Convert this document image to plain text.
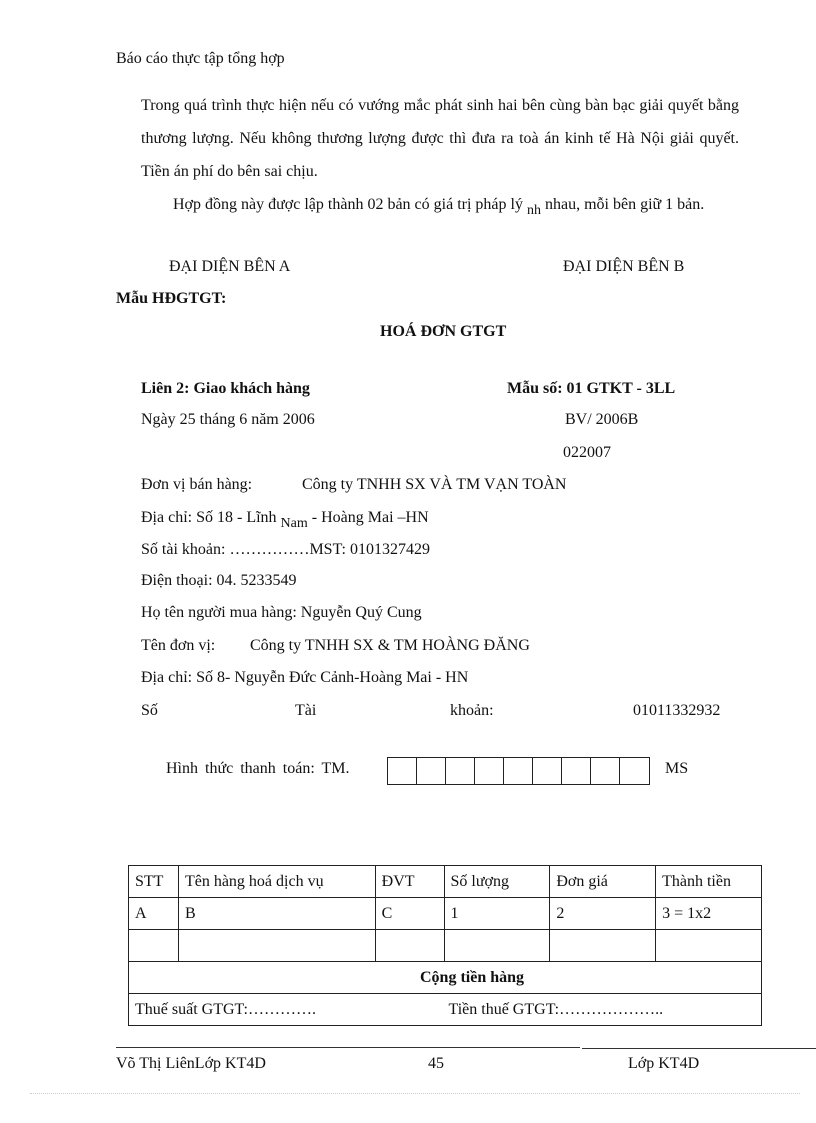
Báo cáo thực tập tổng hợp

Trong quá trình thực hiện nếu có vướng mắc phát sinh hai bên cùng bàn bạc giải quyết bằng thương lượng. Nếu không thương lượng được thì đưa ra toà án kinh tế Hà Nội giải quyết. Tiền án phí do bên sai chịu.

Hợp đồng này được lập thành 02 bản có giá trị pháp lý nh nhau, mỗi bên giữ 1 bản.

ĐẠI DIỆN BÊN A	ĐẠI DIỆN BÊN B
Mẫu HĐGTGT:
HOÁ ĐƠN GTGT
Liên 2: Giao khách hàng	Mẫu số: 01 GTKT - 3LL
Ngày 25 tháng 6 năm 2006	BV/ 2006B
022007
Đơn vị bán hàng:	Công ty TNHH SX VÀ TM VẠN TOÀN
Địa chỉ: Số 18 - Lĩnh Nam - Hoàng Mai –HN
Số tài khoản: ……………MST: 0101327429
Điện thoại: 04. 5233549
Họ tên người mua hàng: Nguyễn Quý Cung
Tên đơn vị: Công ty TNHH SX & TM HOÀNG ĐĂNG
Địa chỉ: Số 8- Nguyễn Đức Cảnh-Hoàng Mai - HN
Số	Tài	khoản:	01011332932
Hình thức thanh toán: TM.	MS
STT	Tên hàng hoá dịch vụ	ĐVT	Số lượng	Đơn giá	Thành tiền
A	B	C	1	2	3 = 1x2

Cộng tiền hàng					
Thuế suất GTGT:…………. Tiền thuế GTGT:………………..					
Võ Thị LiênLớp KT4D	45	Lớp KT4D
